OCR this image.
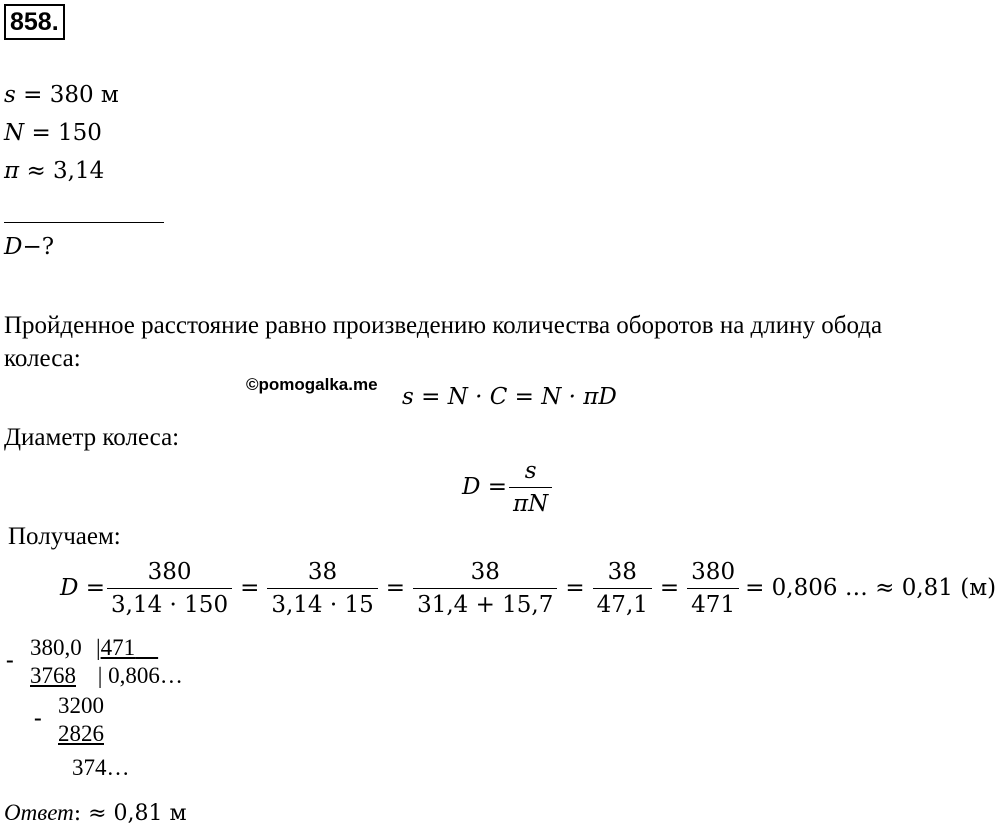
858.
s = 380 м
N = 150
π ≈ 3,14
D−?
Пройденное расстояние равно произведению количества оборотов на длину обода
колеса:
©pomogalka.me s = N · C = N · πD
Диаметр колеса:
$D = \frac{s}{\pi N}$
Получаем:
$D = \frac{380}{3,14 \cdot 150} = \frac{38}{3,14 \cdot 15} = \frac{38}{31,4 + 15,7} = \frac{38}{47,1} = \frac{380}{471} = 0,806$ … ≈ 0,81 (м)
- 380,0 |471
3768 | 0,806…
- 3200
2826
374…
Ответ: ≈ 0,81 м
